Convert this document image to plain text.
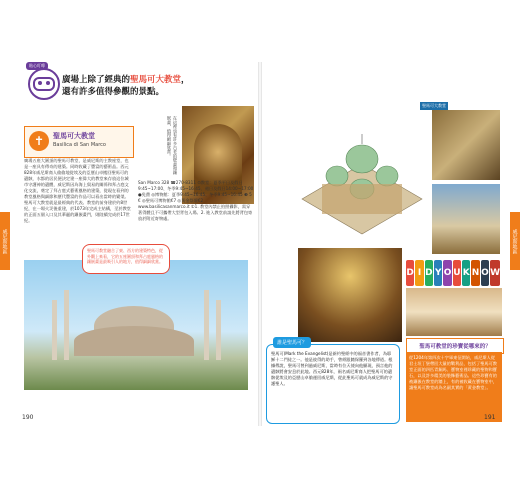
貼心叮嚀
廣場上除了經典的聖馬可大教堂，
還有許多值得參觀的景點。
✝	聖馬可大教堂
Basilica di San Marco
廣場五座大圓頂的聖馬可教堂，是威尼斯的主教座堂，也是一座具有傳奇的建築。同時收藏了豐富的藝術品。西元828年威尼斯商人偷偷地從埃及的亞歷山卓搬回聖馬可的遺骸，水都的居民便決定建一座偉大的教堂來存放這位城市守護神的遺體，威尼斯因為海上貿易的關係和拜占庭文化交流，奠定了拜占庭式藝術風格的建築，從現在看到的教堂風格與細節和歷代豐富的作品可以看出當時的繁榮。聖馬可大教堂就是最經典的代表。教堂的前身建於約8世紀，在一場火災後重建，於1073年完成主結構，至於教堂的正面五個入口及其華麗的鑲嵌畫門，則陸續完成於17世紀。
在這裡也有許多古老的壁畫和鑲嵌畫，值得細細欣賞。
San Marco 328 ☎270-8311 ⊙教堂：夏季平日及假日9:45~17:00、冬季9:45~16:45、週日及假日14:00~17:00 ●免費 ◎博物館：夏季9:45~16:45、冬季9:45~16:45 ❸ 5 € ◎聖馬可博物館€7 ◎黃金祭壇€2 www.basilicasanmarco.it ①1. 教堂內禁止拍照攝影，需穿著得體且不可攜帶大型背包入場。2. 進入教堂前請先將背包寄放於附近寄物處。
聖馬可教堂融合了東、西方的建築特色，從外觀上來看，它的五座圓頂和拜占庭風格的鑲嵌畫是最吸引人的地方，值得細細欣賞。
190
聖馬可大教堂
D I D Y O U K N O W
聖馬可教堂的珍寶從哪來的？
從1204年第四次十字軍東征開始，威尼斯人從君士坦丁堡帶回大量的戰利品，包括了聖馬可教堂正面的四匹青銅馬、寶物室裡珍藏的聖物和寶石，以及許多精美的裝飾藝術品。這些珍寶有的被鑲嵌在教堂的牆上，有的被收藏在寶物室中，讓聖馬可教堂成為名副其實的「黃金教堂」。
誰是聖馬可？
聖馬可(Mark the Evangelist)是新約聖經中的福音書作者，為耶穌十二門徒之一。他是彼得的助手，曾經跟隨保羅到各地傳道。根據傳說，聖馬可曾到過威尼斯，當時有位天使向他顯現，預言他的遺骸將會安息於此地。西元828年，兩名威尼斯商人把聖馬可的遺骸從埃及的亞歷山卓偷運回威尼斯，從此聖馬可就成為威尼斯的守護聖人。
191
威尼斯地區	威尼斯地區
